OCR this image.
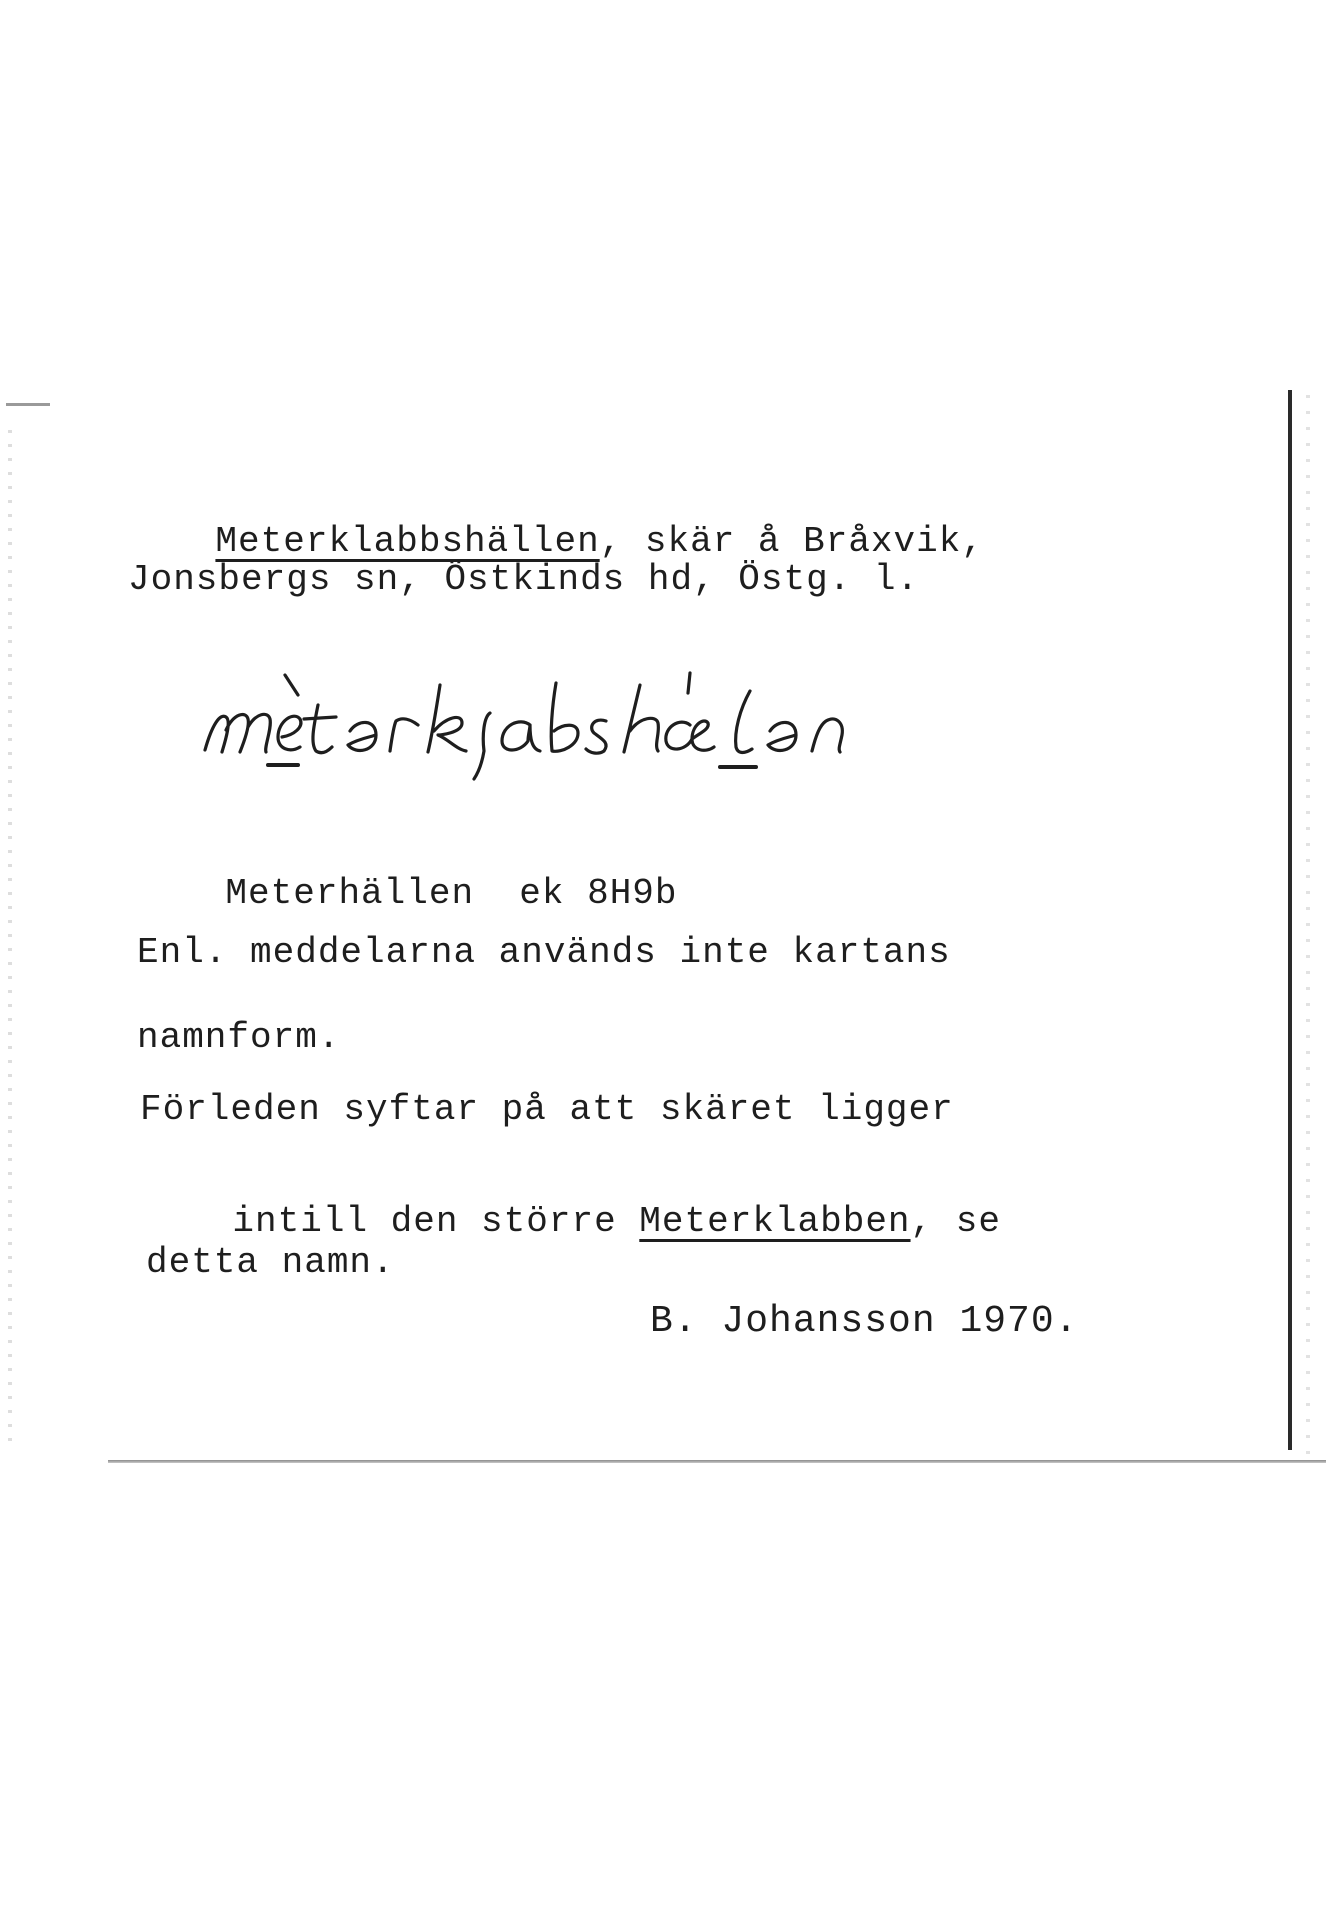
Meterklabbshällen, skär å Bråxvik,

Jonsbergs sn, Östkinds hd, Östg. l.

Meterhällen ek 8H9b

Enl. meddelarna används inte kartans
namnform.
Förleden syftar på att skäret ligger

intill den större Meterklabben, se

detta namn.
B. Johansson 1970.
